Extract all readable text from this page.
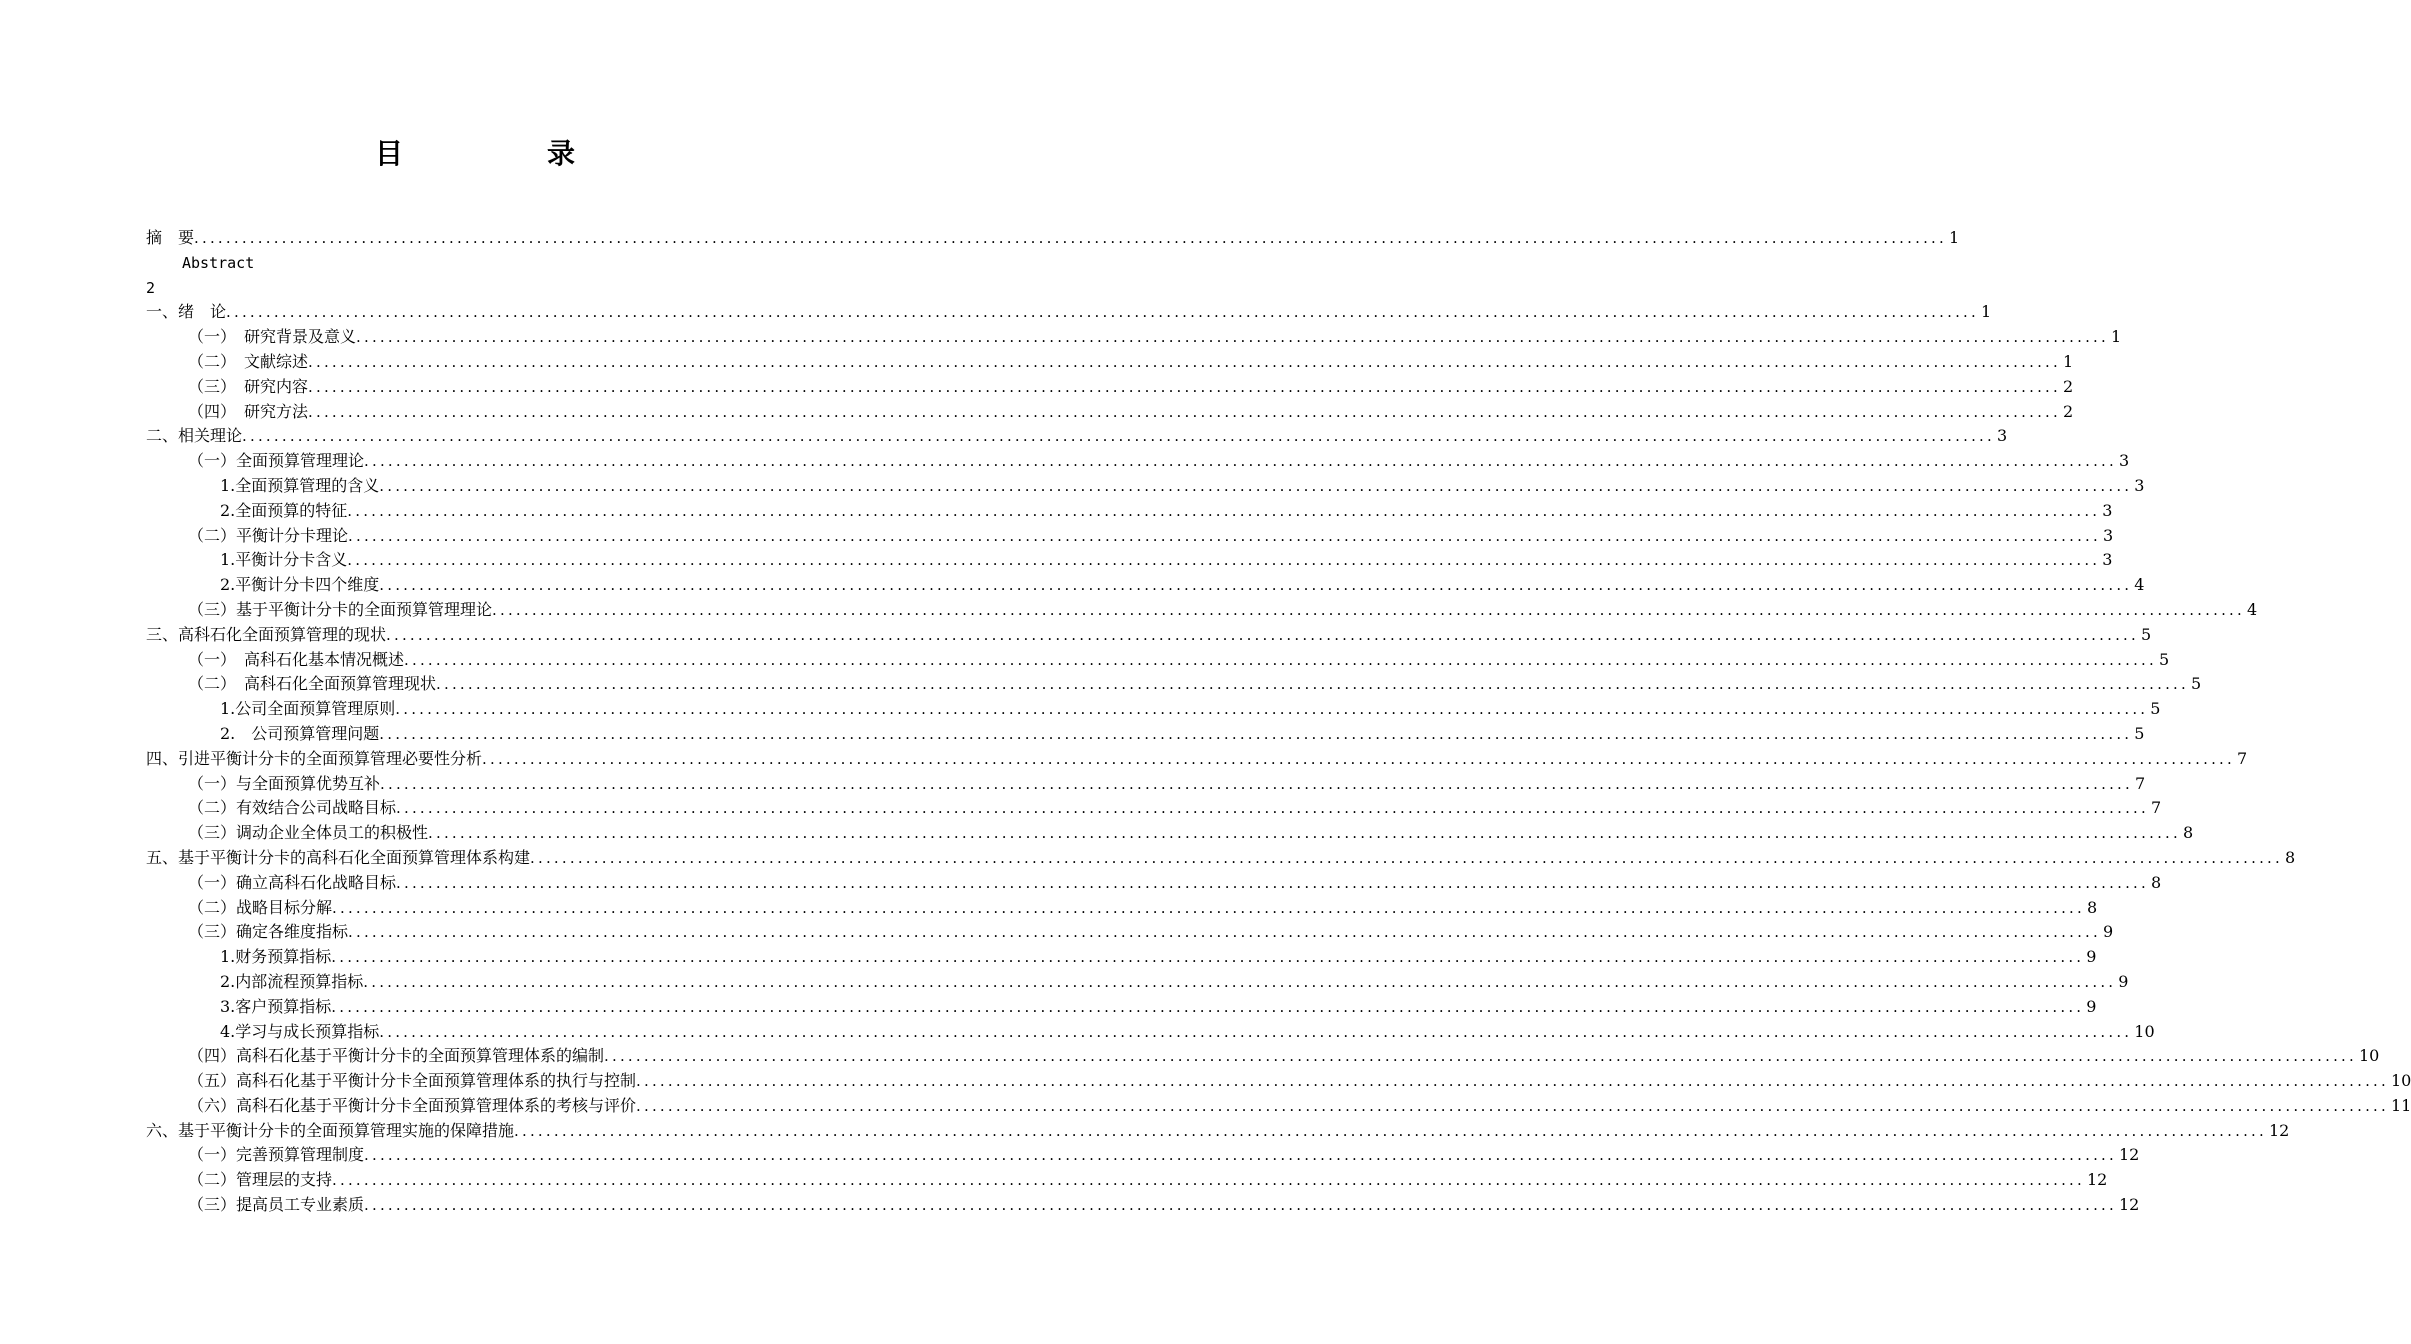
目　录
摘　要 ............................................................................................................................................................................................................................ 1
Abstract
2
一、绪　论 ............................................................................................................................................................................................................................ 1
（一）　研究背景及意义 ............................................................................................................................................................................................................................ 1
（二）　文献综述 ............................................................................................................................................................................................................................ 1
（三）　研究内容 ............................................................................................................................................................................................................................ 2
（四）　研究方法 ............................................................................................................................................................................................................................ 2
二、相关理论 ............................................................................................................................................................................................................................ 3
（一）全面预算管理理论 ............................................................................................................................................................................................................................ 3
1.全面预算管理的含义 ............................................................................................................................................................................................................................ 3
2.全面预算的特征 ............................................................................................................................................................................................................................ 3
（二）平衡计分卡理论 ............................................................................................................................................................................................................................ 3
1.平衡计分卡含义 ............................................................................................................................................................................................................................ 3
2.平衡计分卡四个维度 ............................................................................................................................................................................................................................ 4
（三）基于平衡计分卡的全面预算管理理论 ............................................................................................................................................................................................................................ 4
三、高科石化全面预算管理的现状 ............................................................................................................................................................................................................................ 5
（一）　高科石化基本情况概述 ............................................................................................................................................................................................................................ 5
（二）　高科石化全面预算管理现状 ............................................................................................................................................................................................................................ 5
1.公司全面预算管理原则 ............................................................................................................................................................................................................................ 5
2.　公司预算管理问题 ............................................................................................................................................................................................................................ 5
四、引进平衡计分卡的全面预算管理必要性分析 ............................................................................................................................................................................................................................ 7
（一）与全面预算优势互补 ............................................................................................................................................................................................................................ 7
（二）有效结合公司战略目标 ............................................................................................................................................................................................................................ 7
（三）调动企业全体员工的积极性 ............................................................................................................................................................................................................................ 8
五、基于平衡计分卡的高科石化全面预算管理体系构建 ............................................................................................................................................................................................................................ 8
（一）确立高科石化战略目标 ............................................................................................................................................................................................................................ 8
（二）战略目标分解 ............................................................................................................................................................................................................................ 8
（三）确定各维度指标 ............................................................................................................................................................................................................................ 9
1.财务预算指标 ............................................................................................................................................................................................................................ 9
2.内部流程预算指标 ............................................................................................................................................................................................................................ 9
3.客户预算指标 ............................................................................................................................................................................................................................ 9
4.学习与成长预算指标 ............................................................................................................................................................................................................................ 10
（四）高科石化基于平衡计分卡的全面预算管理体系的编制 ............................................................................................................................................................................................................................ 10
（五）高科石化基于平衡计分卡全面预算管理体系的执行与控制 ............................................................................................................................................................................................................................ 10
（六）高科石化基于平衡计分卡全面预算管理体系的考核与评价 ............................................................................................................................................................................................................................ 11
六、基于平衡计分卡的全面预算管理实施的保障措施 ............................................................................................................................................................................................................................ 12
（一）完善预算管理制度 ............................................................................................................................................................................................................................ 12
（二）管理层的支持 ............................................................................................................................................................................................................................ 12
（三）提高员工专业素质 ............................................................................................................................................................................................................................ 12
